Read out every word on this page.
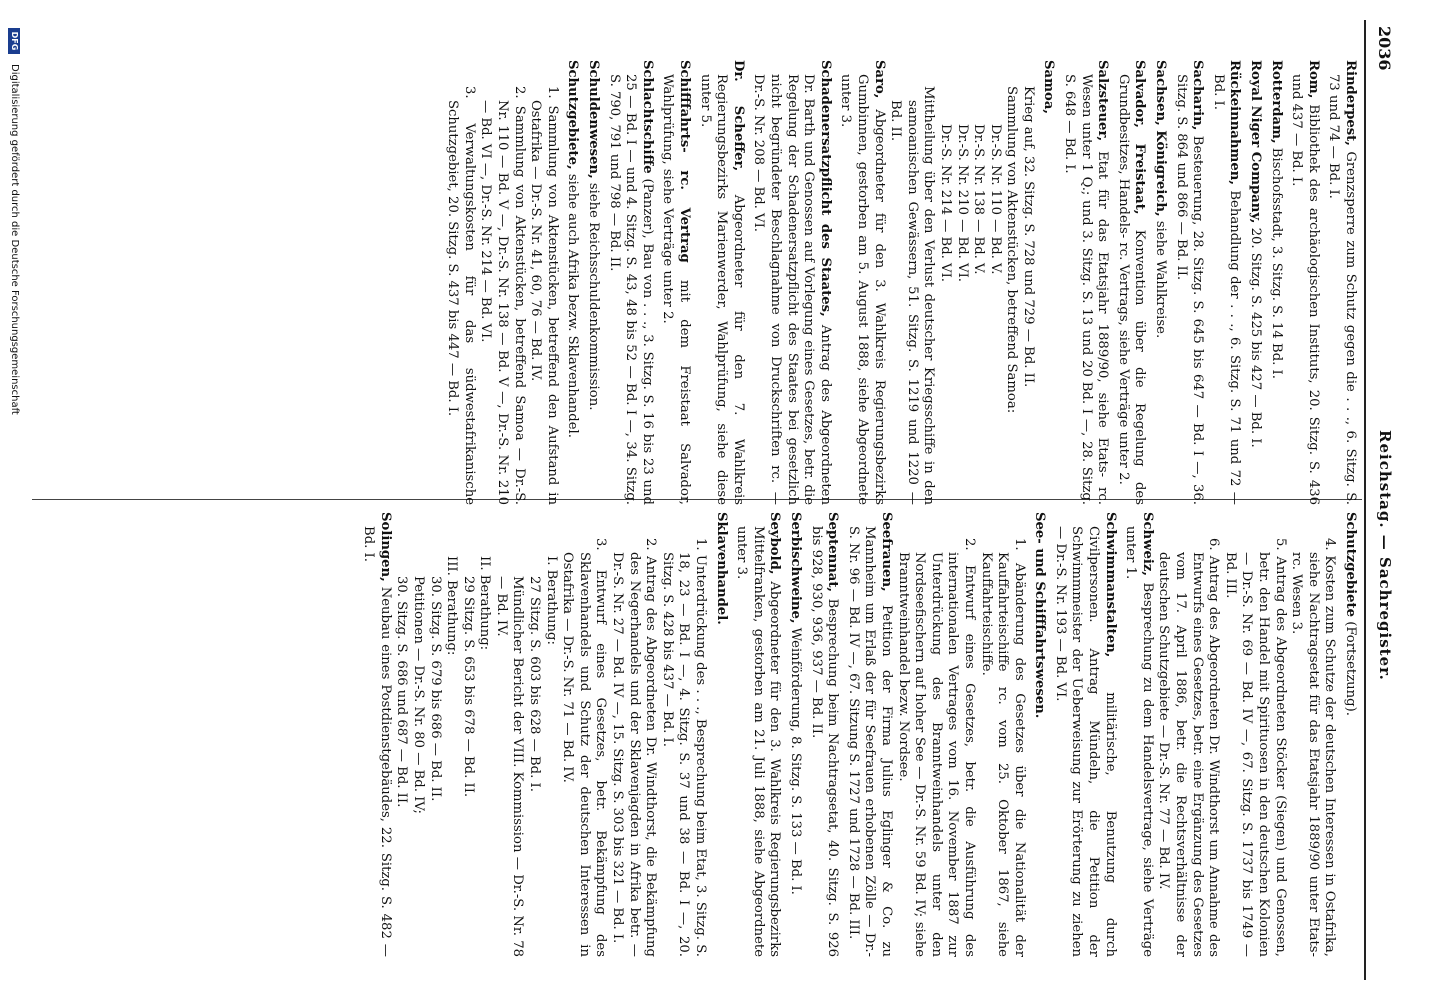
2036
Reichstag. — Sachregister.

Rinderpest, Grenzsperre zum Schutz gegen die . . ., 6. Sitzg. S. 73 und 74 — Bd. I.

Rom, Bibliothek des archäologischen Instituts, 20. Sitzg. S. 436 und 437 — Bd. I.

Rotterdam, Bischofsstadt, 3. Sitzg. S. 14 Bd. I.

Royal Niger Company, 20. Sitzg. S. 425 bis 427 — Bd. I.

Rückeinnahmen, Behandlung der . . ., 6. Sitzg. S. 71 und 72 — Bd. I.

Sacharin, Besteuerung, 28. Sitzg. S. 645 bis 647 — Bd. I —, 36. Sitzg. S. 864 und 866 — Bd. II.

Sachsen, Königreich, siehe Wahlkreise.

Salvador, Freistaat, Konvention über die Regelung des Grundbesitzes, Handels- rc. Vertrags, siehe Verträge unter 2.

Salzsteuer, Etat für das Etatsjahr 1889/90, siehe Etats- rc. Wesen unter 1 Q.; und 3. Sitzg. S. 13 und 20 Bd. I —, 28. Sitzg. S. 648 — Bd. I.

Samoa,

Krieg auf, 32. Sitzg. S. 728 und 729 — Bd. II.

Sammlung von Aktenstücken, betreffend Samoa:

Dr.-S. Nr. 110 — Bd. V.

Dr.-S. Nr. 138 — Bd. V.

Dr.-S. Nr. 210 — Bd. VI.

Dr.-S. Nr. 214 — Bd. VI.

Mittheilung über den Verlust deutscher Kriegsschiffe in den samoanischen Gewässern, 51. Sitzg. S. 1219 und 1220 — Bd. II.

Saro, Abgeordneter für den 3. Wahlkreis Regierungsbezirks Gumbinnen, gestorben am 5. August 1888, siehe Abgeordnete unter 3.

Schadenersatzpflicht des Staates, Antrag des Abgeordneten Dr. Barth und Genossen auf Vorlegung eines Gesetzes, betr. die Regelung der Schadenersatzpflicht des Staates bei gesetzlich nicht begründeter Beschlagnahme von Druckschriften rc. — Dr.-S. Nr. 208 — Bd. VI.

Dr. Scheffer, Abgeordneter für den 7. Wahlkreis Regierungsbezirks Marienwerder, Wahlprüfung, siehe diese unter 5.

Schifffahrts- rc. Vertrag mit dem Freistaat Salvador, Wahlprüfung, siehe Verträge unter 2.

Schlachtschiffe (Panzer), Bau von . . ., 3. Sitzg. S. 16 bis 23 und 25 — Bd. I — und 4. Sitzg. S. 43, 48 bis 52 — Bd. I —, 34. Sitzg. S. 790, 791 und 798 — Bd. II.

Schuldenwesen, siehe Reichsschuldenkommission.

Schutzgebiete, siehe auch Afrika bezw. Sklavenhandel.

1. Sammlung von Aktenstücken, betreffend den Aufstand in Ostafrika — Dr.-S. Nr. 41, 60, 76 — Bd. IV.

2. Sammlung von Aktenstücken, betreffend Samoa — Dr.-S. Nr. 110 — Bd. V —, Dr.-S. Nr. 138 — Bd. V —, Dr.-S. Nr. 210 — Bd. VI —, Dr.-S. Nr. 214 — Bd. VI.

3. Verwaltungskosten für das südwestafrikanische Schutzgebiet, 20. Sitzg. S. 437 bis 447 — Bd. I.

Schutzgebiete (Fortsetzung).

4. Kosten zum Schutze der deutschen Interessen in Ostafrika, siehe Nachtragsetat für das Etatsjahr 1889/90 unter Etats- rc. Wesen 3.

5. Antrag des Abgeordneten Stöcker (Siegen) und Genossen, betr. den Handel mit Spirituosen in den deutschen Kolonien — Dr.-S. Nr. 69 — Bd. IV —, 67. Sitzg. S. 1737 bis 1749 — Bd. III.

6. Antrag des Abgeordneten Dr. Windthorst um Annahme des Entwurfs eines Gesetzes, betr. eine Ergänzung des Gesetzes vom 17. April 1886, betr. die Rechtsverhältnisse der deutschen Schutzgebiete — Dr.-S. Nr. 77 — Bd. IV.

Schweiz, Besprechung zu dem Handelsvertrage, siehe Verträge unter 1.

Schwimmanstalten, militärische, Benutzung durch Civilpersonen. Antrag Mündeln, die Petition der Schwimmmeister der Ueberweisung zur Erörterung zu ziehen — Dr.-S. Nr. 193 — Bd. VI.

See- und Schifffahrtswesen.

1. Abänderung des Gesetzes über die Nationalität der Kauffahrteischiffe rc. vom 25. Oktober 1867, siehe Kauffahrteischiffe.

2. Entwurf eines Gesetzes, betr. die Ausführung des internationalen Vertrages vom 16. November 1887 zur Unterdrückung des Branntweinhandels unter den Nordseefischern auf hoher See — Dr.-S. Nr. 59 Bd. IV; siehe Branntweinhandel bezw. Nordsee.

Seefrauen, Petition der Firma Julius Eglinger & Co. zu Mannheim um Erlaß der für Seefrauen erhobenen Zölle — Dr.-S. Nr. 96 — Bd. IV —, 67. Sitzung S. 1727 und 1728 — Bd. III.

Septennat, Besprechung beim Nachtragsetat, 40. Sitzg. S. 926 bis 928, 930, 936, 937 — Bd. II.

Serbischweine, Weinförderung, 8. Sitzg. S. 133 — Bd. I.

Seybold, Abgeordneter für den 3. Wahlkreis Regierungsbezirks Mittelfranken, gestorben am 21. Juli 1888, siehe Abgeordnete unter 3.

Sklavenhandel.

1. Unterdrückung des . . ., Besprechung beim Etat, 3. Sitzg. S. 18, 23 — Bd. I —, 4. Sitzg. S. 37 und 38 — Bd. I —, 20. Sitzg. S. 428 bis 437 — Bd. I.

2. Antrag des Abgeordneten Dr. Windthorst, die Bekämpfung des Negerhandels und der Sklavenjagden in Afrika betr. — Dr.-S. Nr. 27 — Bd. IV —, 15. Sitzg. S. 303 bis 321 — Bd. I.

3. Entwurf eines Gesetzes, betr. Bekämpfung des Sklavenhandels und Schutz der deutschen Interessen in Ostafrika — Dr.-S. Nr. 71 — Bd. IV.

I. Berathung:

27 Sitzg. S. 603 bis 628 — Bd. I.

Mündlicher Bericht der VIII. Kommission — Dr.-S. Nr. 78 — Bd. IV.

II. Berathung:

29 Sitzg. S. 653 bis 678 — Bd. II.

III. Berathung:

30. Sitzg. S. 679 bis 686 — Bd. II.

Petitionen — Dr.-S. Nr. 80 — Bd. IV;

30. Sitzg. S. 686 und 687 — Bd. II.

Solingen, Neubau eines Postdienstgebäudes, 22. Sitzg. S. 482 — Bd. I.

DFG
Digitalisierung gefördert durch die Deutsche Forschungsgemeinschaft
